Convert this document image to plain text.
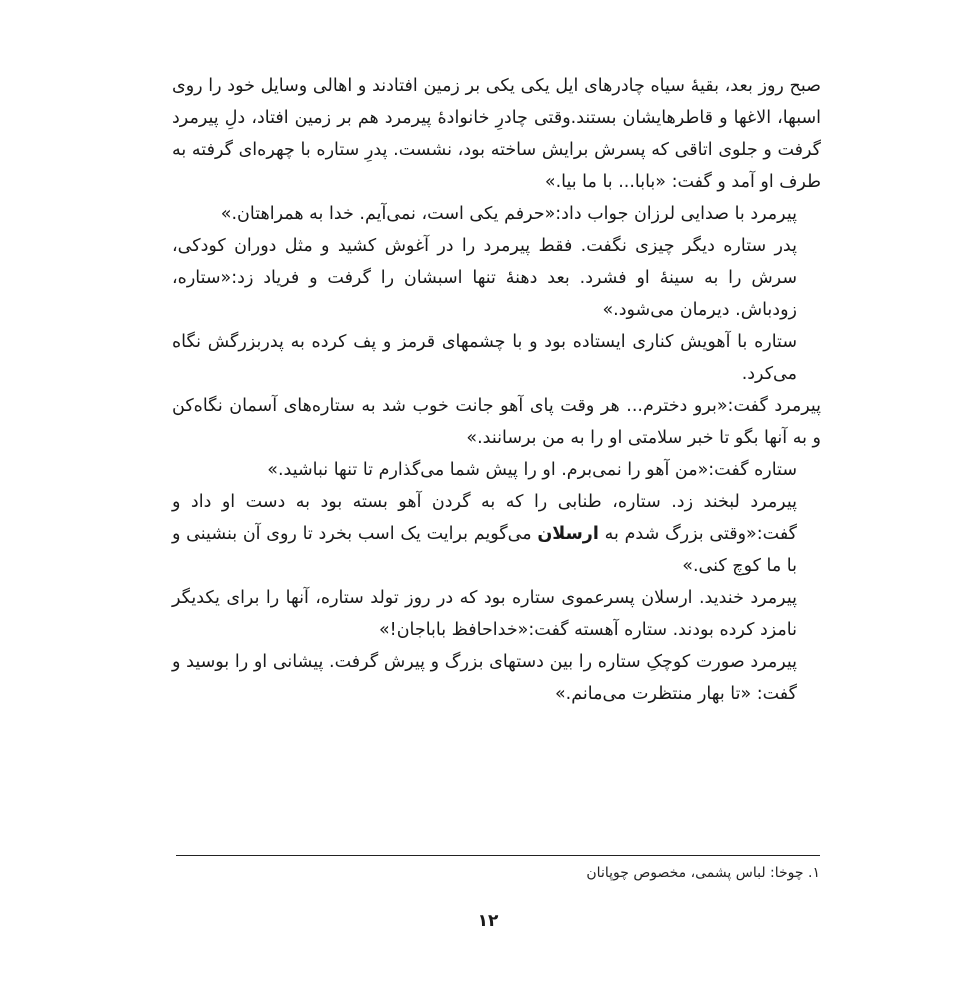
صبح روز بعد، بقیهٔ سیاه چادرهای ایل یکی یکی بر زمین افتادند و اهالی وسایل خود را روی اسبها، الاغها و قاطرهایشان بستند.وقتی چادرِ خانوادهٔ پیرمرد هم بر زمین افتاد، دلِ پیرمرد گرفت و جلوی اتاقی که پسرش برایش ساخته بود، نشست. پدرِ ستاره با چهره‌ای گرفته به طرف او آمد و گفت: «بابا... با ما بیا.»

پیرمرد با صدایی لرزان جواب داد:«حرفم یکی است، نمی‌آیم. خدا به همراهتان.»

پدر ستاره دیگر چیزی نگفت. فقط پیرمرد را در آغوش کشید و مثل دوران کودکی، سرش را به سینهٔ او فشرد. بعد دهنهٔ تنها اسبشان را گرفت و فریاد زد:«ستاره، زودباش. دیرمان می‌شود.»

ستاره با آهویش کناری ایستاده بود و با چشمهای قرمز و پف کرده به پدربزرگش نگاه می‌کرد.

پیرمرد گفت:«برو دخترم... هر وقت پای آهو جانت خوب شد به ستاره‌های آسمان نگاه‌کن و به آنها بگو تا خبر سلامتی او را به من برسانند.»

ستاره گفت:«من آهو را نمی‌برم. او را پیش شما می‌گذارم تا تنها نباشید.»

پیرمرد لبخند زد. ستاره، طنابی را که به گردن آهو بسته بود به دست او داد و گفت:«وقتی بزرگ شدم به ارسلان می‌گویم برایت یک اسب بخرد تا روی آن بنشینی و با ما کوچ کنی.»

پیرمرد خندید. ارسلان پسرعموی ستاره بود که در روز تولد ستاره، آنها را برای یکدیگر نامزد کرده بودند. ستاره آهسته گفت:«خداحافظ باباجان!»

پیرمرد صورت کوچکِ ستاره را بین دستهای بزرگ و پیرش گرفت. پیشانی او را بوسید و گفت: «تا بهار منتظرت می‌مانم.»

۱. چوخا: لباس پشمی، مخصوص چوپانان
۱۲
